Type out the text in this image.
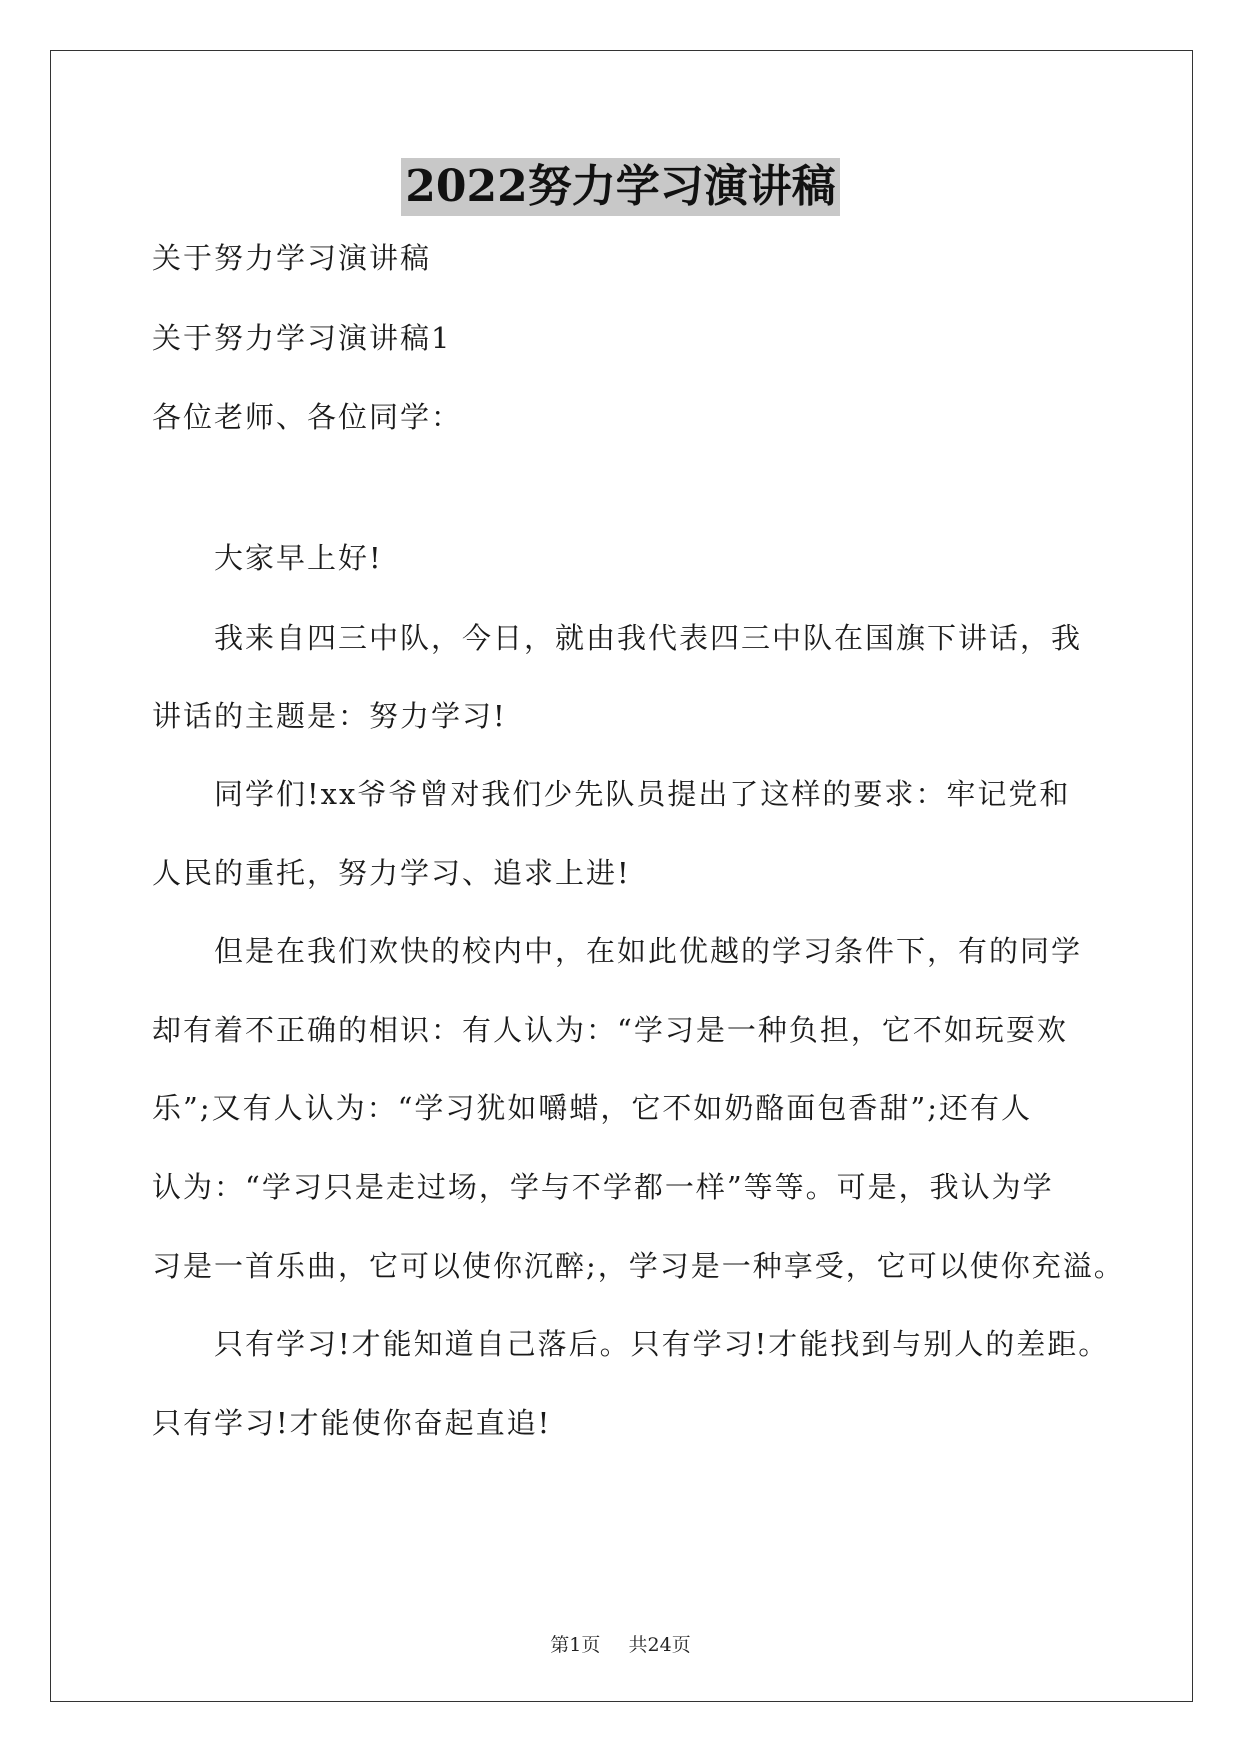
2022努力学习演讲稿
关于努力学习演讲稿
关于努力学习演讲稿1
各位老师、各位同学：
大家早上好!
我来自四三中队，今日，就由我代表四三中队在国旗下讲话，我
讲话的主题是：努力学习!
同学们!xx爷爷曾对我们少先队员提出了这样的要求：牢记党和
人民的重托，努力学习、追求上进!
但是在我们欢快的校内中，在如此优越的学习条件下，有的同学
却有着不正确的相识：有人认为：“学习是一种负担，它不如玩耍欢
乐”;又有人认为：“学习犹如嚼蜡，它不如奶酪面包香甜”;还有人
认为：“学习只是走过场，学与不学都一样”等等。可是，我认为学
习是一首乐曲，它可以使你沉醉;，学习是一种享受，它可以使你充溢。
只有学习!才能知道自己落后。只有学习!才能找到与别人的差距。
只有学习!才能使你奋起直追!
第1页 共24页
